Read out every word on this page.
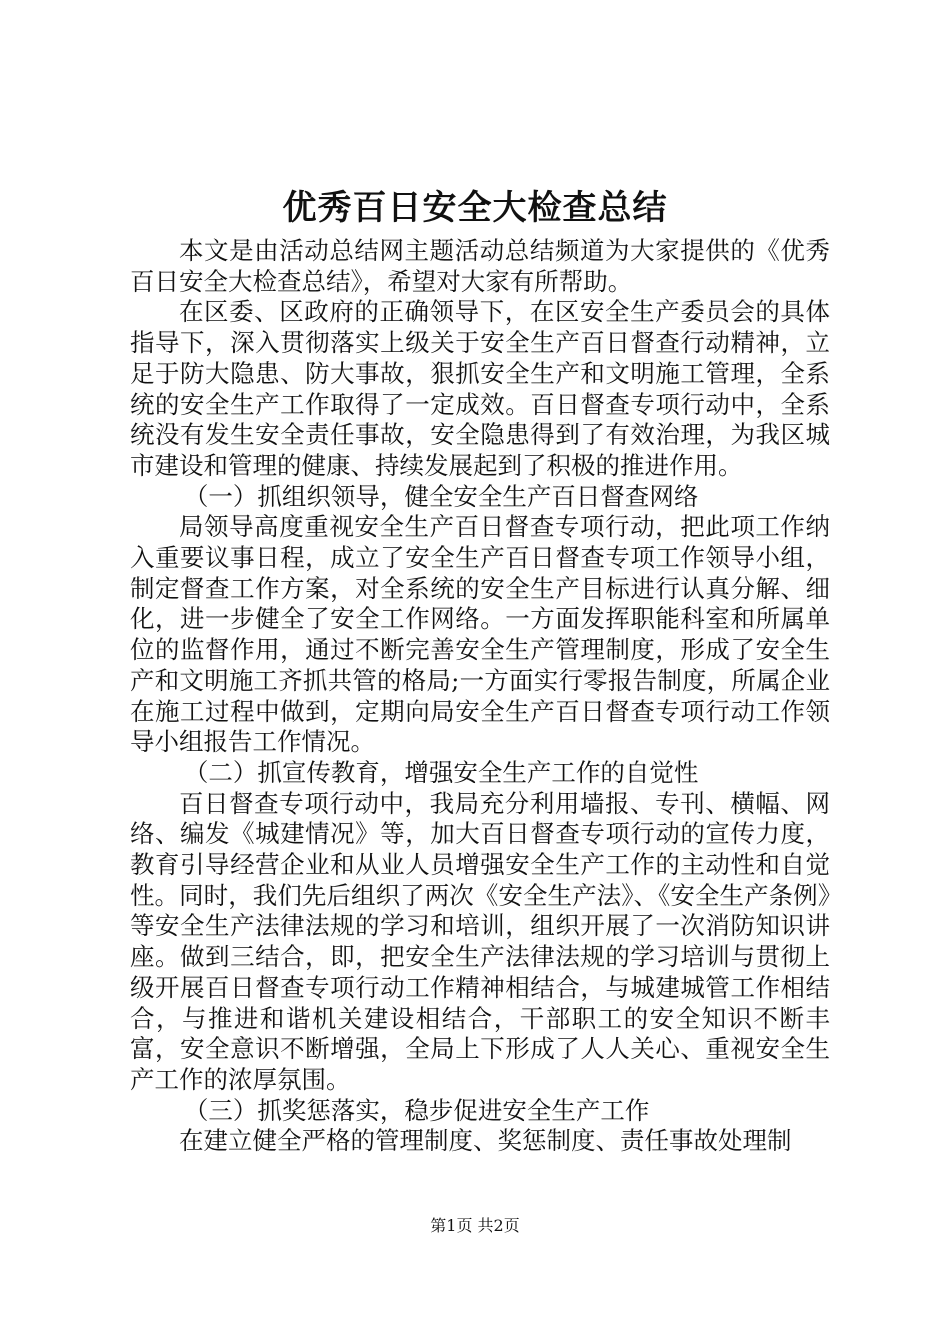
优秀百日安全大检查总结

本文是由活动总结网主题活动总结频道为大家提供的《优秀百日安全大检查总结》，希望对大家有所帮助。

在区委、区政府的正确领导下，在区安全生产委员会的具体指导下，深入贯彻落实上级关于安全生产百日督查行动精神，立足于防大隐患、防大事故，狠抓安全生产和文明施工管理，全系统的安全生产工作取得了一定成效。百日督查专项行动中，全系统没有发生安全责任事故，安全隐患得到了有效治理，为我区城市建设和管理的健康、持续发展起到了积极的推进作用。

（一）抓组织领导，健全安全生产百日督查网络

局领导高度重视安全生产百日督查专项行动，把此项工作纳入重要议事日程，成立了安全生产百日督查专项工作领导小组，制定督查工作方案，对全系统的安全生产目标进行认真分解、细化，进一步健全了安全工作网络。一方面发挥职能科室和所属单位的监督作用，通过不断完善安全生产管理制度，形成了安全生产和文明施工齐抓共管的格局;一方面实行零报告制度，所属企业在施工过程中做到，定期向局安全生产百日督查专项行动工作领导小组报告工作情况。

（二）抓宣传教育，增强安全生产工作的自觉性

百日督查专项行动中，我局充分利用墙报、专刊、横幅、网络、编发《城建情况》等，加大百日督查专项行动的宣传力度，教育引导经营企业和从业人员增强安全生产工作的主动性和自觉性。同时，我们先后组织了两次《安全生产法》、《安全生产条例》等安全生产法律法规的学习和培训，组织开展了一次消防知识讲座。做到三结合，即，把安全生产法律法规的学习培训与贯彻上级开展百日督查专项行动工作精神相结合，与城建城管工作相结合，与推进和谐机关建设相结合，干部职工的安全知识不断丰富，安全意识不断增强，全局上下形成了人人关心、重视安全生产工作的浓厚氛围。

（三）抓奖惩落实，稳步促进安全生产工作

在建立健全严格的管理制度、奖惩制度、责任事故处理制

第1页 共2页
